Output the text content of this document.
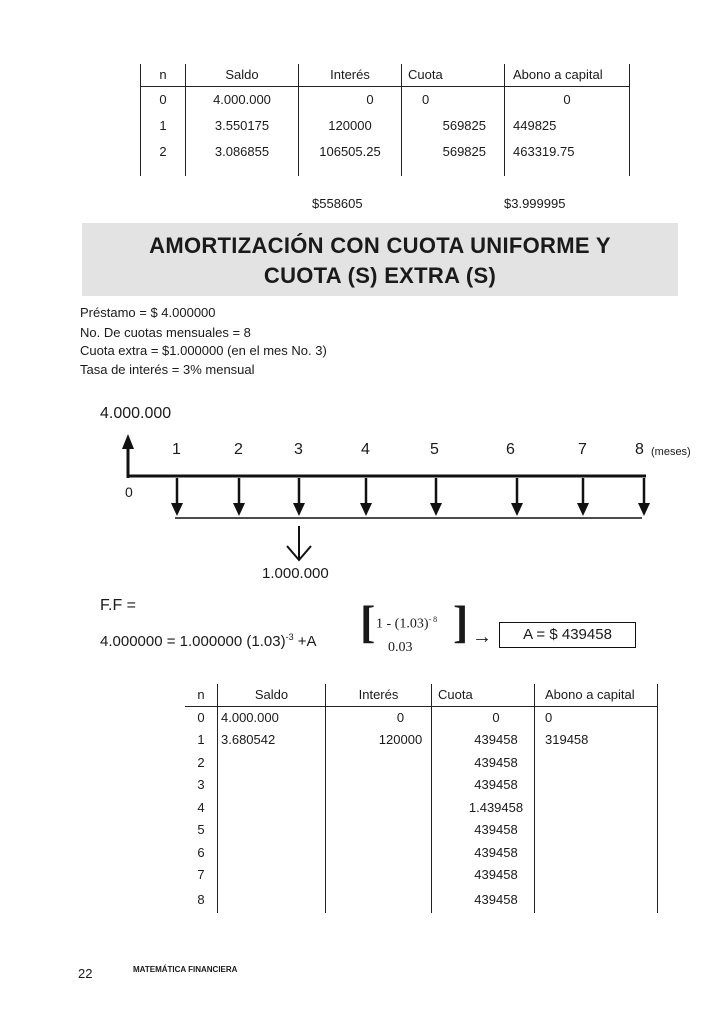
n	Saldo	Interés	Cuota	Abono a capital
0	4.000.000	0	0	0
1	3.550175	120000	569825	449825
2	3.086855	106505.25	569825	463319.75

$558605	$3.999995
AMORTIZACIÓN CON CUOTA UNIFORME Y
CUOTA (S) EXTRA (S)
Préstamo = $ 4.000000
No. De cuotas mensuales = 8
Cuota extra = $1.000000 (en el mes No. 3)
Tasa de interés = 3% mensual
4.000.000
0
1	2	3	4	5	6	7	8 (meses)
1.000.000
F.F =
4.000000 = 1.000000 $(1.03)^{-3} +A$ [ $1 - (1.03)^{- 8}$
0.03
] →	A = $ 439458
n	Saldo	Interés	Cuota	Abono a capital
0	4.000.000	0	0	0
1	3.680542	120000	439458	319458
2			439458	
3			439458	
4			1.439458	
5			439458	
6			439458	
7			439458	
8			439458	
22	MATEMÁTICA FINANCIERA
